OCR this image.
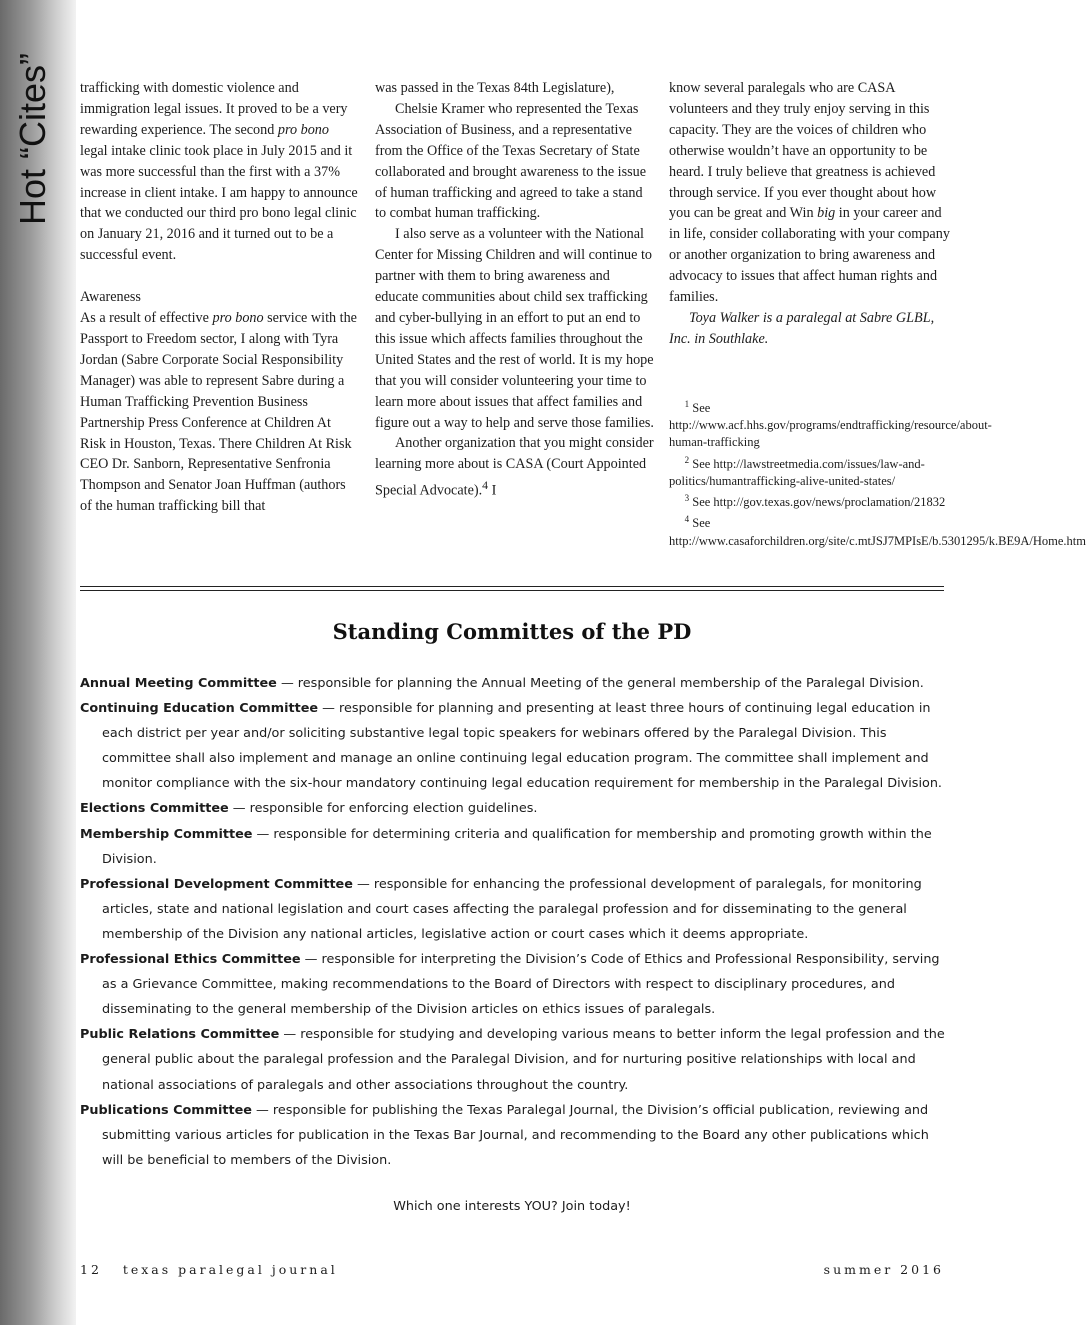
Hot “Cites” trafficking with domestic violence and immigration legal issues. It proved to be a very rewarding experience. The second pro bono legal intake clinic took place in July 2015 and it was more successful than the first with a 37% increase in client intake. I am happy to announce that we conducted our third pro bono legal clinic on January 21, 2016 and it turned out to be a successful event.

Awareness

As a result of effective pro bono service with the Passport to Freedom sector, I along with Tyra Jordan (Sabre Corporate Social Responsibility Manager) was able to represent Sabre during a Human Trafficking Prevention Business Partnership Press Conference at Children At Risk in Houston, Texas. There Children At Risk CEO Dr. Sanborn, Representative Senfronia Thompson and Senator Joan Huffman (authors of the human trafficking bill that

was passed in the Texas 84th Legislature),

Chelsie Kramer who represented the Texas Association of Business, and a representative from the Office of the Texas Secretary of State collaborated and brought awareness to the issue of human trafficking and agreed to take a stand to combat human trafficking.

I also serve as a volunteer with the National Center for Missing Children and will continue to partner with them to bring awareness and educate communities about child sex trafficking and cyber-bullying in an effort to put an end to this issue which affects families throughout the United States and the rest of world. It is my hope that you will consider volunteering your time to learn more about issues that affect families and figure out a way to help and serve those families.

Another organization that you might consider learning more about is CASA (Court Appointed Special Advocate).$^4$ I

know several paralegals who are CASA volunteers and they truly enjoy serving in this capacity. They are the voices of children who otherwise wouldn’t have an opportunity to be heard. I truly believe that greatness is achieved through service. If you ever thought about how you can be great and Win big in your career and in life, consider collaborating with your company or another organization to bring awareness and advocacy to issues that affect human rights and families.

Toya Walker is a paralegal at Sabre GLBL, Inc. in Southlake.

$^1$ See http://www.acf.hhs.gov/programs/endtrafficking/resource/about-human-trafficking

$^2$ See http://lawstreetmedia.com/issues/law-and-politics/humantrafficking-alive-united-states/

$^3$ See http://gov.texas.gov/news/proclamation/21832

$^4$ See http://www.casaforchildren.org/site/c.mtJSJ7MPIsE/b.5301295/k.BE9A/Home.htm

Standing Committes of the PD

Annual Meeting Committee — responsible for planning the Annual Meeting of the general membership of the Paralegal Division.

Continuing Education Committee — responsible for planning and presenting at least three hours of continuing legal education in each district per year and/or soliciting substantive legal topic speakers for webinars offered by the Paralegal Division. This committee shall also implement and manage an online continuing legal education program. The committee shall implement and monitor compliance with the six-hour mandatory continuing legal education requirement for membership in the Paralegal Division.

Elections Committee — responsible for enforcing election guidelines.

Membership Committee — responsible for determining criteria and qualification for membership and promoting growth within the Division.

Professional Development Committee — responsible for enhancing the professional development of paralegals, for monitoring articles, state and national legislation and court cases affecting the paralegal profession and for disseminating to the general membership of the Division any national articles, legislative action or court cases which it deems appropriate.

Professional Ethics Committee — responsible for interpreting the Division’s Code of Ethics and Professional Responsibility, serving as a Grievance Committee, making recommendations to the Board of Directors with respect to disciplinary procedures, and disseminating to the general membership of the Division articles on ethics issues of paralegals.

Public Relations Committee — responsible for studying and developing various means to better inform the legal profession and the general public about the paralegal profession and the Paralegal Division, and for nurturing positive relationships with local and national associations of paralegals and other associations throughout the country.

Publications Committee — responsible for publishing the Texas Paralegal Journal, the Division’s official publication, reviewing and submitting various articles for publication in the Texas Bar Journal, and recommending to the Board any other publications which will be beneficial to members of the Division.

Which one interests YOU? Join today!
12 texas paralegal journal	summer 2016
